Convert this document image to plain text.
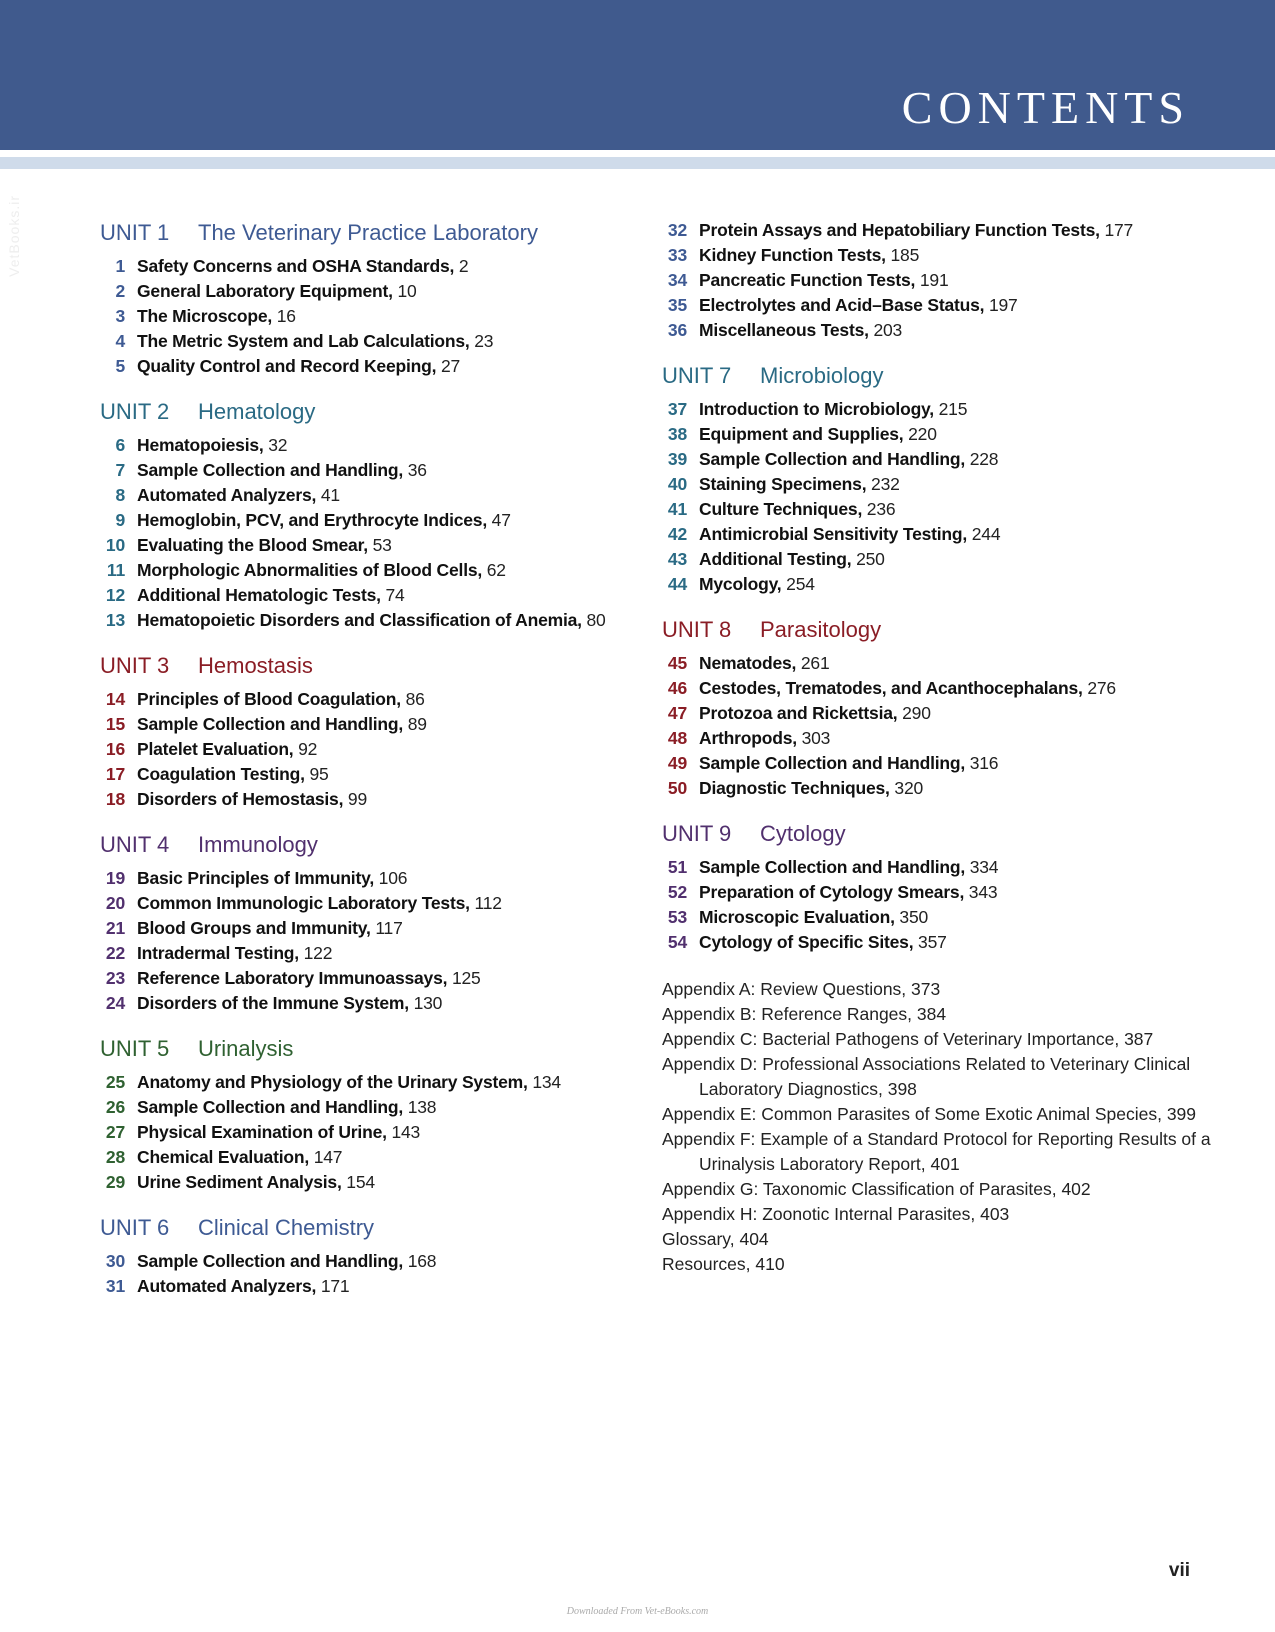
CONTENTS
VetBooks.ir	UNIT 1 The Veterinary Practice Laboratory
1 Safety Concerns and OSHA Standards, 2
2 General Laboratory Equipment, 10
3 The Microscope, 16
4 The Metric System and Lab Calculations, 23
5 Quality Control and Record Keeping, 27
UNIT 2 Hematology
6 Hematopoiesis, 32
7 Sample Collection and Handling, 36
8 Automated Analyzers, 41
9 Hemoglobin, PCV, and Erythrocyte Indices, 47
10 Evaluating the Blood Smear, 53
11 Morphologic Abnormalities of Blood Cells, 62
12 Additional Hematologic Tests, 74
13 Hematopoietic Disorders and Classification of Anemia, 80
UNIT 3 Hemostasis
14 Principles of Blood Coagulation, 86
15 Sample Collection and Handling, 89
16 Platelet Evaluation, 92
17 Coagulation Testing, 95
18 Disorders of Hemostasis, 99
UNIT 4 Immunology
19 Basic Principles of Immunity, 106
20 Common Immunologic Laboratory Tests, 112
21 Blood Groups and Immunity, 117
22 Intradermal Testing, 122
23 Reference Laboratory Immunoassays, 125
24 Disorders of the Immune System, 130
UNIT 5 Urinalysis
25 Anatomy and Physiology of the Urinary System, 134
26 Sample Collection and Handling, 138
27 Physical Examination of Urine, 143
28 Chemical Evaluation, 147
29 Urine Sediment Analysis, 154
UNIT 6 Clinical Chemistry
30 Sample Collection and Handling, 168
31 Automated Analyzers, 171
32 Protein Assays and Hepatobiliary Function Tests, 177
33 Kidney Function Tests, 185
34 Pancreatic Function Tests, 191
35 Electrolytes and Acid–Base Status, 197
36 Miscellaneous Tests, 203
UNIT 7 Microbiology
37 Introduction to Microbiology, 215
38 Equipment and Supplies, 220
39 Sample Collection and Handling, 228
40 Staining Specimens, 232
41 Culture Techniques, 236
42 Antimicrobial Sensitivity Testing, 244
43 Additional Testing, 250
44 Mycology, 254
UNIT 8 Parasitology
45 Nematodes, 261
46 Cestodes, Trematodes, and Acanthocephalans, 276
47 Protozoa and Rickettsia, 290
48 Arthropods, 303
49 Sample Collection and Handling, 316
50 Diagnostic Techniques, 320
UNIT 9 Cytology
51 Sample Collection and Handling, 334
52 Preparation of Cytology Smears, 343
53 Microscopic Evaluation, 350
54 Cytology of Specific Sites, 357
Appendix A: Review Questions, 373
Appendix B: Reference Ranges, 384
Appendix C: Bacterial Pathogens of Veterinary Importance, 387
Appendix D: Professional Associations Related to Veterinary Clinical Laboratory Diagnostics, 398
Appendix E: Common Parasites of Some Exotic Animal Species, 399
Appendix F: Example of a Standard Protocol for Reporting Results of a Urinalysis Laboratory Report, 401
Appendix G: Taxonomic Classification of Parasites, 402
Appendix H: Zoonotic Internal Parasites, 403
Glossary, 404
Resources, 410
vii
Downloaded From Vet-eBooks.com
